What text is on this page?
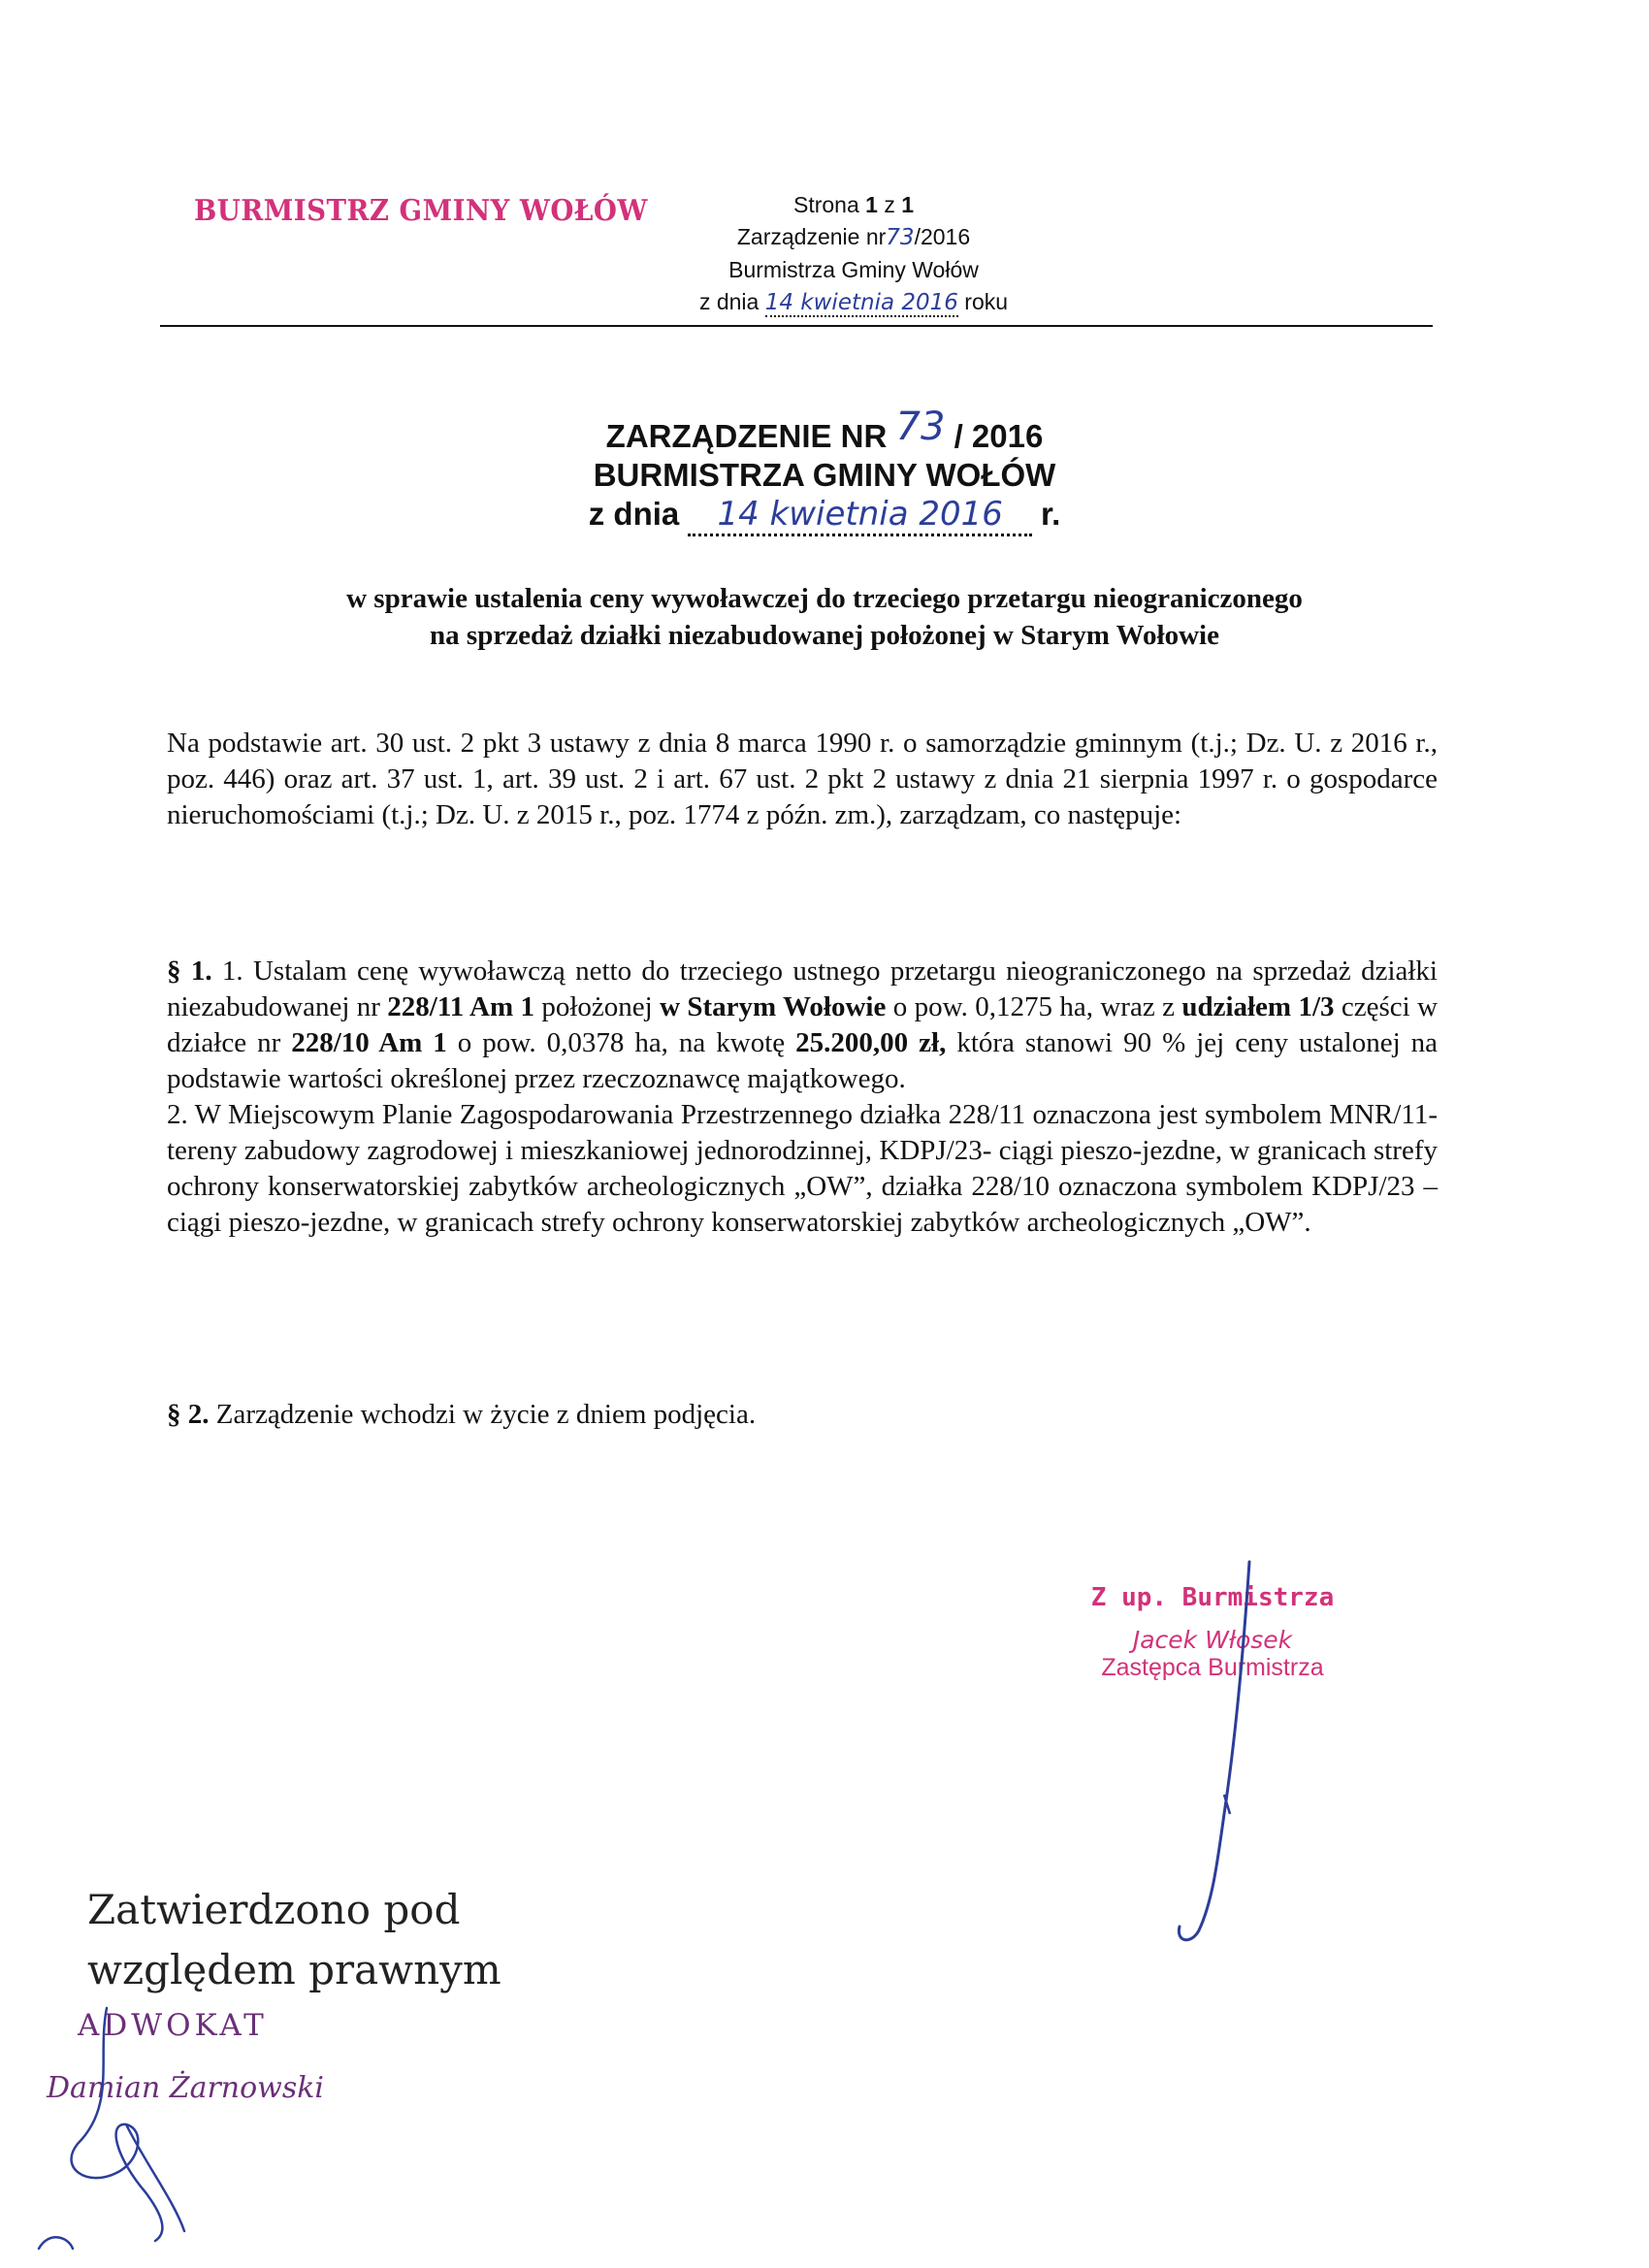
BURMISTRZ GMINY WOŁÓW	Strona 1 z 1
Zarządzenie nr73/2016
Burmistrza Gminy Wołów
z dnia 14 kwietnia 2016 roku
ZARZĄDZENIE NR 73 / 2016
BURMISTRZA GMINY WOŁÓW
z dnia 14 kwietnia 2016 r.
w sprawie ustalenia ceny wywoławczej do trzeciego przetargu nieograniczonego
na sprzedaż działki niezabudowanej położonej w Starym Wołowie

Na podstawie art. 30 ust. 2 pkt 3 ustawy z dnia 8 marca 1990 r. o samorządzie gminnym (t.j.; Dz. U. z 2016 r., poz. 446) oraz art. 37 ust. 1, art. 39 ust. 2 i art. 67 ust. 2 pkt 2 ustawy z dnia 21 sierpnia 1997 r. o gospodarce nieruchomościami (t.j.; Dz. U. z 2015 r., poz. 1774 z późn. zm.), zarządzam, co następuje:

§ 1. 1. Ustalam cenę wywoławczą netto do trzeciego ustnego przetargu nieograniczonego na sprzedaż działki niezabudowanej nr 228/11 Am 1 położonej w Starym Wołowie o pow. 0,1275 ha, wraz z udziałem 1/3 części w działce nr 228/10 Am 1 o pow. 0,0378 ha, na kwotę 25.200,00 zł, która stanowi 90 % jej ceny ustalonej na podstawie wartości określonej przez rzeczoznawcę majątkowego.

2. W Miejscowym Planie Zagospodarowania Przestrzennego działka 228/11 oznaczona jest symbolem MNR/11- tereny zabudowy zagrodowej i mieszkaniowej jednorodzinnej, KDPJ/23- ciągi pieszo-jezdne, w granicach strefy ochrony konserwatorskiej zabytków archeologicznych „OW”, działka 228/10 oznaczona symbolem KDPJ/23 – ciągi pieszo-jezdne, w granicach strefy ochrony konserwatorskiej zabytków archeologicznych „OW”.

§ 2. Zarządzenie wchodzi w życie z dniem podjęcia.

Z up. Burmistrza
Jacek Włosek
Zastępca Burmistrza
Zatwierdzono pod
względem prawnym
ADWOKAT
Damian Żarnowski
